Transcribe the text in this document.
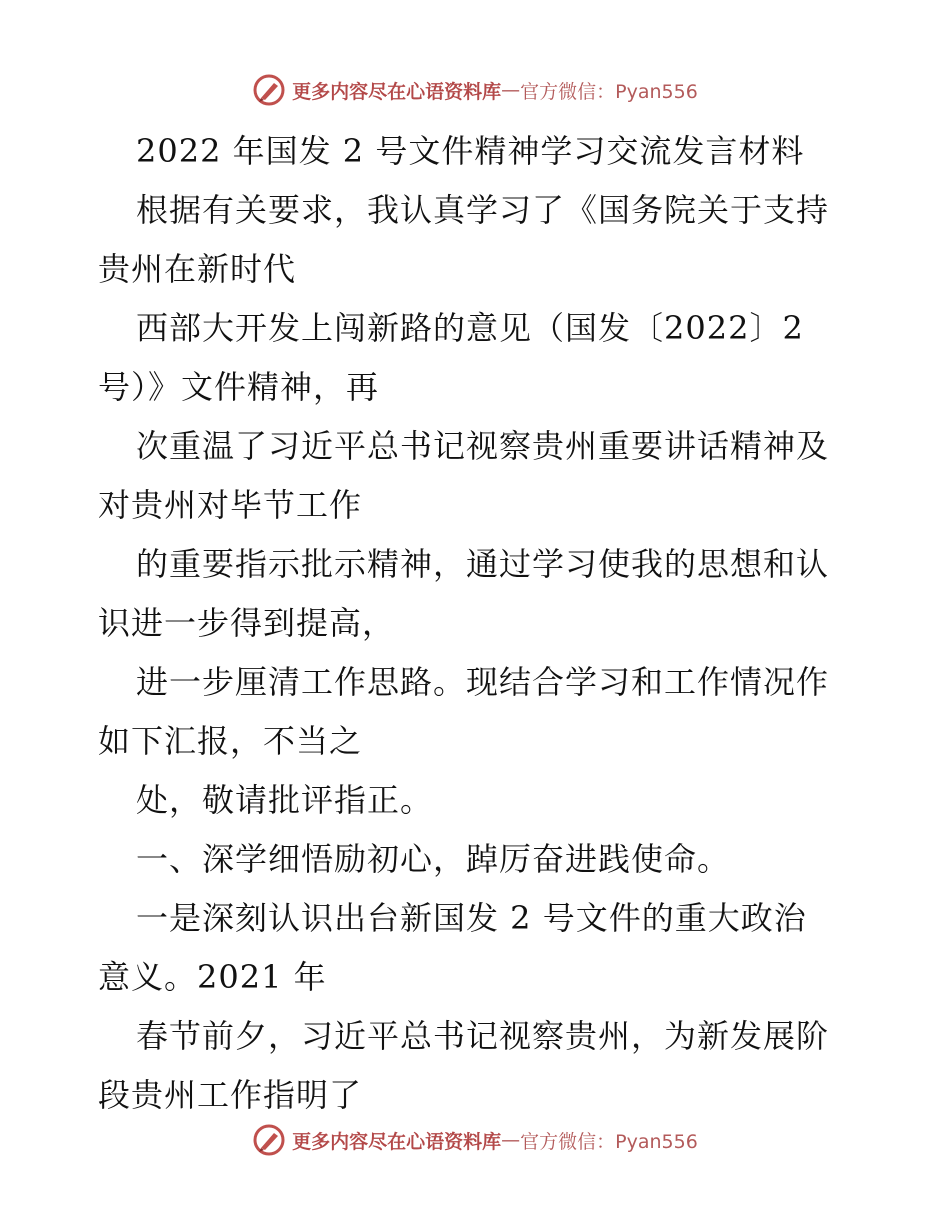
更多内容尽在心语资料库 — 官方微信：Pyan556
2022 年国发 2 号文件精神学习交流发言材料
根据有关要求，我认真学习了《国务院关于支持
贵州在新时代
西部大开发上闯新路的意见（国发〔2022〕2
号）》文件精神，再
次重温了习近平总书记视察贵州重要讲话精神及
对贵州对毕节工作
的重要指示批示精神，通过学习使我的思想和认
识进一步得到提高，
进一步厘清工作思路。现结合学习和工作情况作
如下汇报，不当之
处，敬请批评指正。
一、深学细悟励初心，踔厉奋进践使命。
一是深刻认识出台新国发 2 号文件的重大政治
意义。2021 年
春节前夕，习近平总书记视察贵州，为新发展阶
段贵州工作指明了
更多内容尽在心语资料库 — 官方微信：Pyan556
